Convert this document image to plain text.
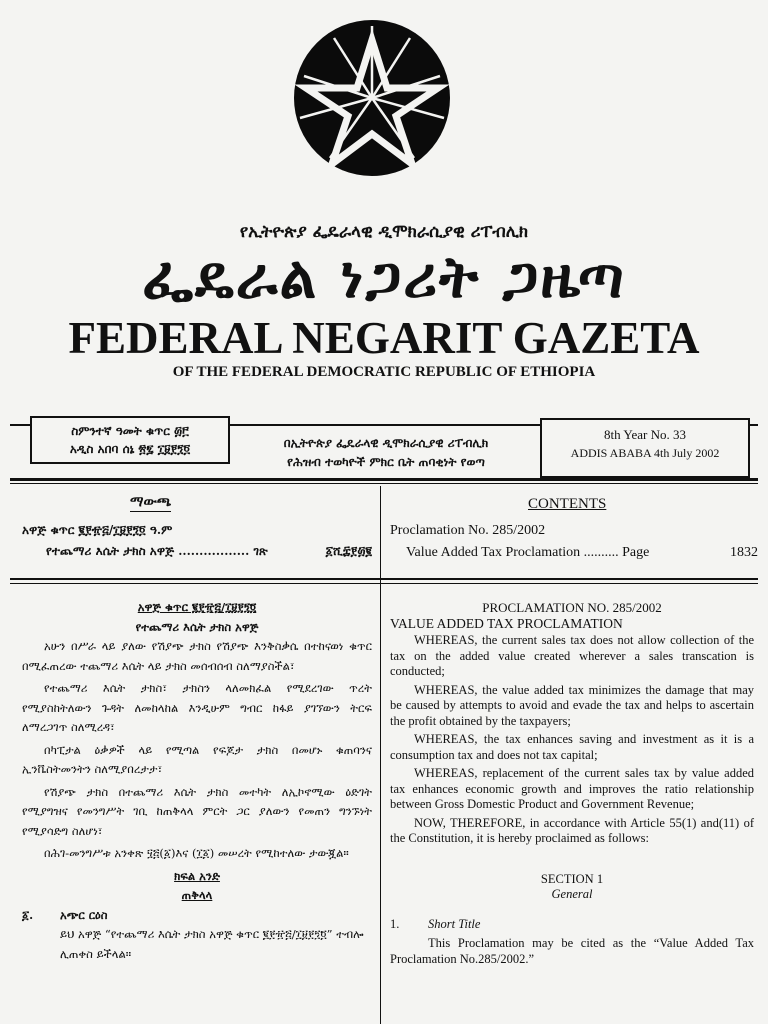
የኢትዮጵያ ፌዴራላዊ ዲሞክራሲያዊ ሪፐብሊክ
ፌዴራል ነጋሪት ጋዜጣ
FEDERAL NEGARIT GAZETA
OF THE FEDERAL DEMOCRATIC REPUBLIC OF ETHIOPIA
ስምንተኛ ዓመት ቁጥር ፴፫
አዲስ አበባ ሰኔ ፳፯ ፲፱፻፺፬	በኢትዮጵያ ፌዴራላዊ ዲሞክራሲያዊ ሪፐብሊክ
የሕዝብ ተወካዮች ምክር ቤት ጠባቂነት የወጣ
8th Year No. 33
ADDIS ABABA 4th July 2002
ማውጫ
አዋጅ ቁጥር ፪፻፹፭/፲፱፻፺፬ ዓ.ም
የተጨማሪ እሴት ታክስ አዋጅ ................. ገጽ	፩ሺ፰፻፴፪
CONTENTS
Proclamation No. 285/2002
Value Added Tax Proclamation .......... Page	1832
አዋጅ ቁጥር ፪፻፹፭/፲፱፻፺፬
የተጨማሪ እሴት ታክስ አዋጅ

አሁን በሥራ ላይ ያለው የሽያጭ ታክስ የሽያጭ እንቅስቃሴ በተከናወነ ቁጥር በሚፈጠረው ተጨማሪ እሴት ላይ ታክስ መሰብሰብ ስለማያስችል፣

የተጨማሪ እሴት ታክስ፣ ታክስን ላለመክፈል የሚደረገው ጥረት የሚያስከትለውን ጉዳት ለመከላከል እንዲሁም ግብር ከፋይ ያገኘውን ትርፍ ለማረጋገጥ ስለሚረዳ፣

በካፒታል ዕቃዎች ላይ የሚጣል የፍጆታ ታክስ በመሆኑ ቁጠባንና ኢንቬስትመንትን ስለሚያበረታታ፣

የሽያጭ ታክስ በተጨማሪ እሴት ታክስ መተካት ለኢኮኖሚው ዕድገት የሚያግዝና የመንግሥት ገቢ ከጠቅላላ ምርት ጋር ያለውን የመጠን ግንኙነት የሚያሳድግ ስለሆነ፣

በሕገ-መንግሥቱ አንቀጽ ፶፭(፩)እና (፲፩) መሠረት የሚከተለው ታውጇል።

ክፍል አንድ
ጠቅላላ
፩. አጭር ርዕስ
ይህ አዋጅ “የተጨማሪ እሴት ታክስ አዋጅ ቁጥር ፪፻፹፭/፲፱፻፺፬” ተብሎ ሊጠቀስ ይችላል።
PROCLAMATION NO. 285/2002
VALUE ADDED TAX PROCLAMATION

WHEREAS, the current sales tax does not allow collection of the tax on the added value created wherever a sales transcation is conducted;

WHEREAS, the value added tax minimizes the damage that may be caused by attempts to avoid and evade the tax and helps to ascertain the profit obtained by the taxpayers;

WHEREAS, the tax enhances saving and investment as it is a consumption tax and does not tax capital;

WHEREAS, replacement of the current sales tax by value added tax enhances economic growth and improves the ratio relationship between Gross Domestic Product and Government Revenue;

NOW, THEREFORE, in accordance with Article 55(1) and(11) of the Constitution, it is hereby proclaimed as follows:

SECTION 1
General
1. Short Title
This Proclamation may be cited as the “Value Added Tax Proclamation No.285/2002.”
